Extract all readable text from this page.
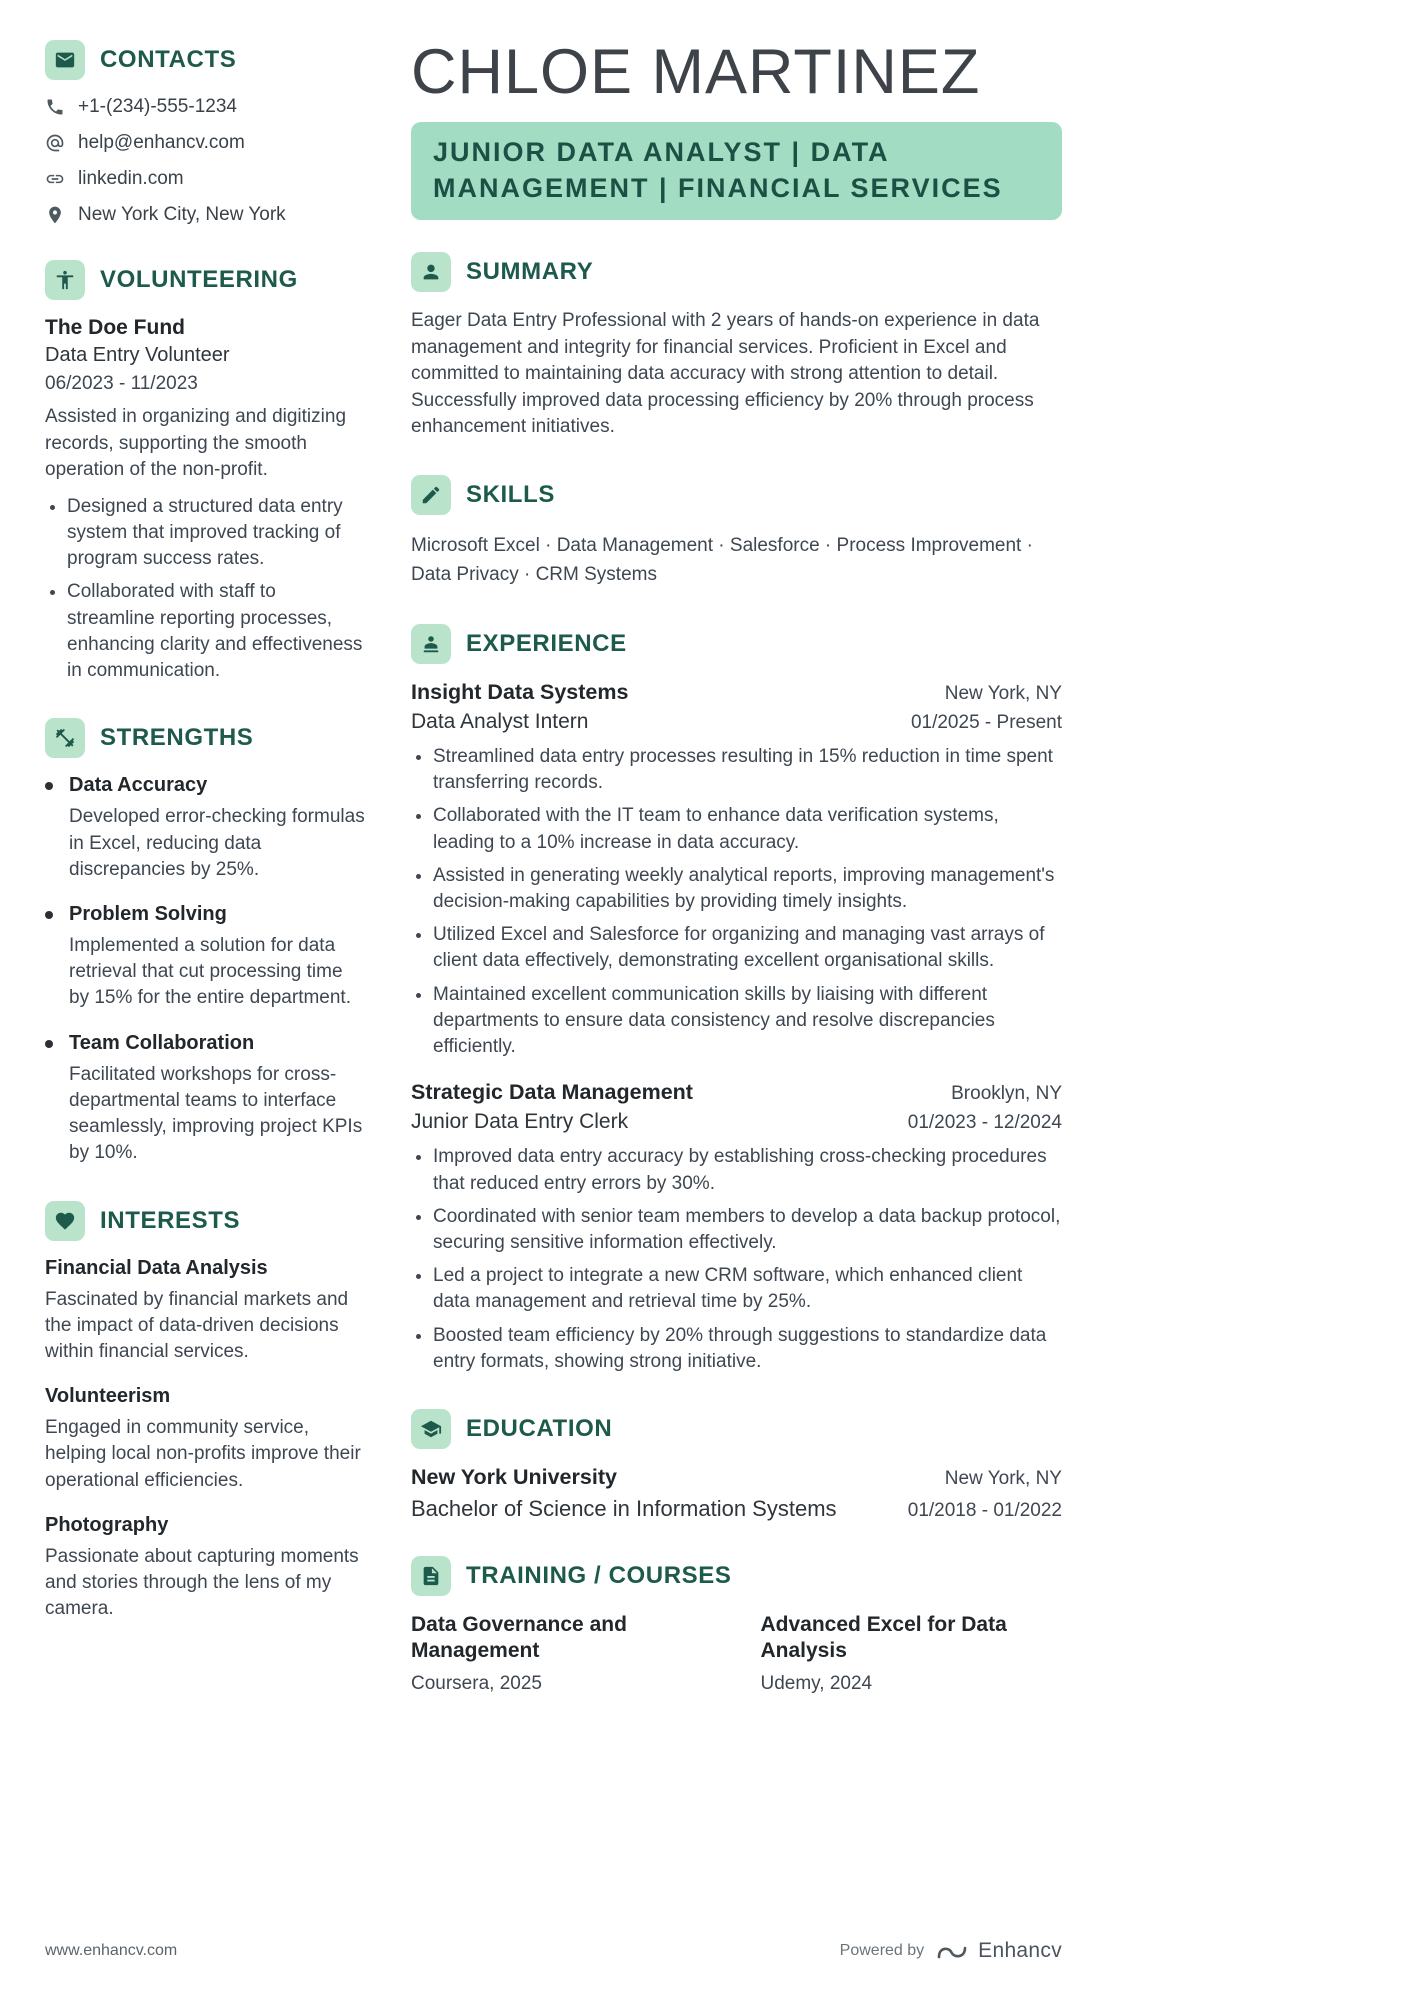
CONTACTS
+1-(234)-555-1234
help@enhancv.com
linkedin.com
New York City, New York
VOLUNTEERING

The Doe Fund

Data Entry Volunteer

06/2023 - 11/2023

Assisted in organizing and digitizing records, supporting the smooth operation of the non-profit.

• Designed a structured data entry system that improved tracking of program success rates.
• Collaborated with staff to streamline reporting processes, enhancing clarity and effectiveness in communication.
STRENGTHS
Data Accuracy

Developed error-checking formulas in Excel, reducing data discrepancies by 25%.

Problem Solving

Implemented a solution for data retrieval that cut processing time by 15% for the entire department.

Team Collaboration

Facilitated workshops for cross-departmental teams to interface seamlessly, improving project KPIs by 10%.

INTERESTS
Financial Data Analysis

Fascinated by financial markets and the impact of data-driven decisions within financial services.

Volunteerism

Engaged in community service, helping local non-profits improve their operational efficiencies.

Photography

Passionate about capturing moments and stories through the lens of my camera.

CHLOE MARTINEZ
JUNIOR DATA ANALYST | DATA MANAGEMENT | FINANCIAL SERVICES
SUMMARY

Eager Data Entry Professional with 2 years of hands-on experience in data management and integrity for financial services. Proficient in Excel and committed to maintaining data accuracy with strong attention to detail. Successfully improved data processing efficiency by 20% through process enhancement initiatives.

SKILLS

Microsoft Excel · Data Management · Salesforce · Process Improvement · Data Privacy · CRM Systems

EXPERIENCE
Insight Data Systems	New York, NY
Data Analyst Intern	01/2025 - Present
• Streamlined data entry processes resulting in 15% reduction in time spent transferring records.
• Collaborated with the IT team to enhance data verification systems, leading to a 10% increase in data accuracy.
• Assisted in generating weekly analytical reports, improving management's decision-making capabilities by providing timely insights.
• Utilized Excel and Salesforce for organizing and managing vast arrays of client data effectively, demonstrating excellent organisational skills.
• Maintained excellent communication skills by liaising with different departments to ensure data consistency and resolve discrepancies efficiently.
Strategic Data Management	Brooklyn, NY
Junior Data Entry Clerk	01/2023 - 12/2024
• Improved data entry accuracy by establishing cross-checking procedures that reduced entry errors by 30%.
• Coordinated with senior team members to develop a data backup protocol, securing sensitive information effectively.
• Led a project to integrate a new CRM software, which enhanced client data management and retrieval time by 25%.
• Boosted team efficiency by 20% through suggestions to standardize data entry formats, showing strong initiative.
EDUCATION
New York University	New York, NY
Bachelor of Science in Information Systems	01/2018 - 01/2022
TRAINING / COURSES
Data Governance and Management
Coursera, 2025
Advanced Excel for Data Analysis
Udemy, 2024
www.enhancv.com	Powered by	Enhancv
